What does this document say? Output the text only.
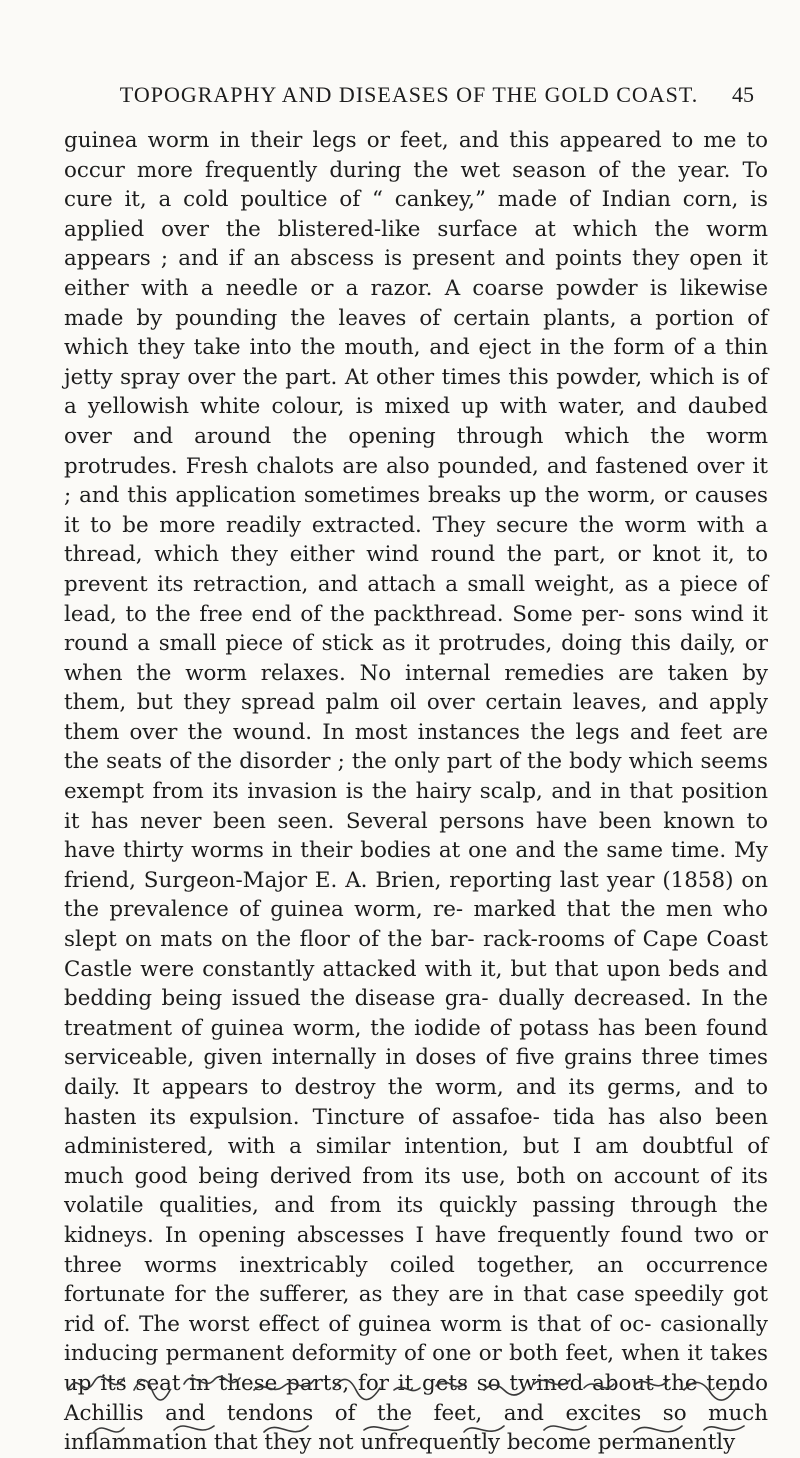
TOPOGRAPHY AND DISEASES OF THE GOLD COAST.	45

guinea worm in their legs or feet, and this appeared to me to occur more frequently during the wet season of the year. To cure it, a cold poultice of “ cankey,” made of Indian corn, is applied over the blistered-like surface at which the worm appears ; and if an abscess is present and points they open it either with a needle or a razor. A coarse powder is likewise made by pounding the leaves of certain plants, a portion of which they take into the mouth, and eject in the form of a thin jetty spray over the part. At other times this powder, which is of a yellowish white colour, is mixed up with water, and daubed over and around the opening through which the worm protrudes. Fresh chalots are also pounded, and fastened over it ; and this application sometimes breaks up the worm, or causes it to be more readily extracted. They secure the worm with a thread, which they either wind round the part, or knot it, to prevent its retraction, and attach a small weight, as a piece of lead, to the free end of the packthread. Some per- sons wind it round a small piece of stick as it protrudes, doing this daily, or when the worm relaxes. No internal remedies are taken by them, but they spread palm oil over certain leaves, and apply them over the wound. In most instances the legs and feet are the seats of the disorder ; the only part of the body which seems exempt from its invasion is the hairy scalp, and in that position it has never been seen. Several persons have been known to have thirty worms in their bodies at one and the same time. My friend, Surgeon-Major E. A. Brien, reporting last year (1858) on the prevalence of guinea worm, re- marked that the men who slept on mats on the floor of the bar- rack-rooms of Cape Coast Castle were constantly attacked with it, but that upon beds and bedding being issued the disease gra- dually decreased. In the treatment of guinea worm, the iodide of potass has been found serviceable, given internally in doses of five grains three times daily. It appears to destroy the worm, and its germs, and to hasten its expulsion. Tincture of assafoe- tida has also been administered, with a similar intention, but I am doubtful of much good being derived from its use, both on account of its volatile qualities, and from its quickly passing through the kidneys. In opening abscesses I have frequently found two or three worms inextricably coiled together, an occurrence fortunate for the sufferer, as they are in that case speedily got rid of. The worst effect of guinea worm is that of oc- casionally inducing permanent deformity of one or both feet, when it takes up its seat in these parts, for it gets so twined about the tendo Achillis and tendons of the feet, and excites so much inflammation that they not unfrequently become permanently
